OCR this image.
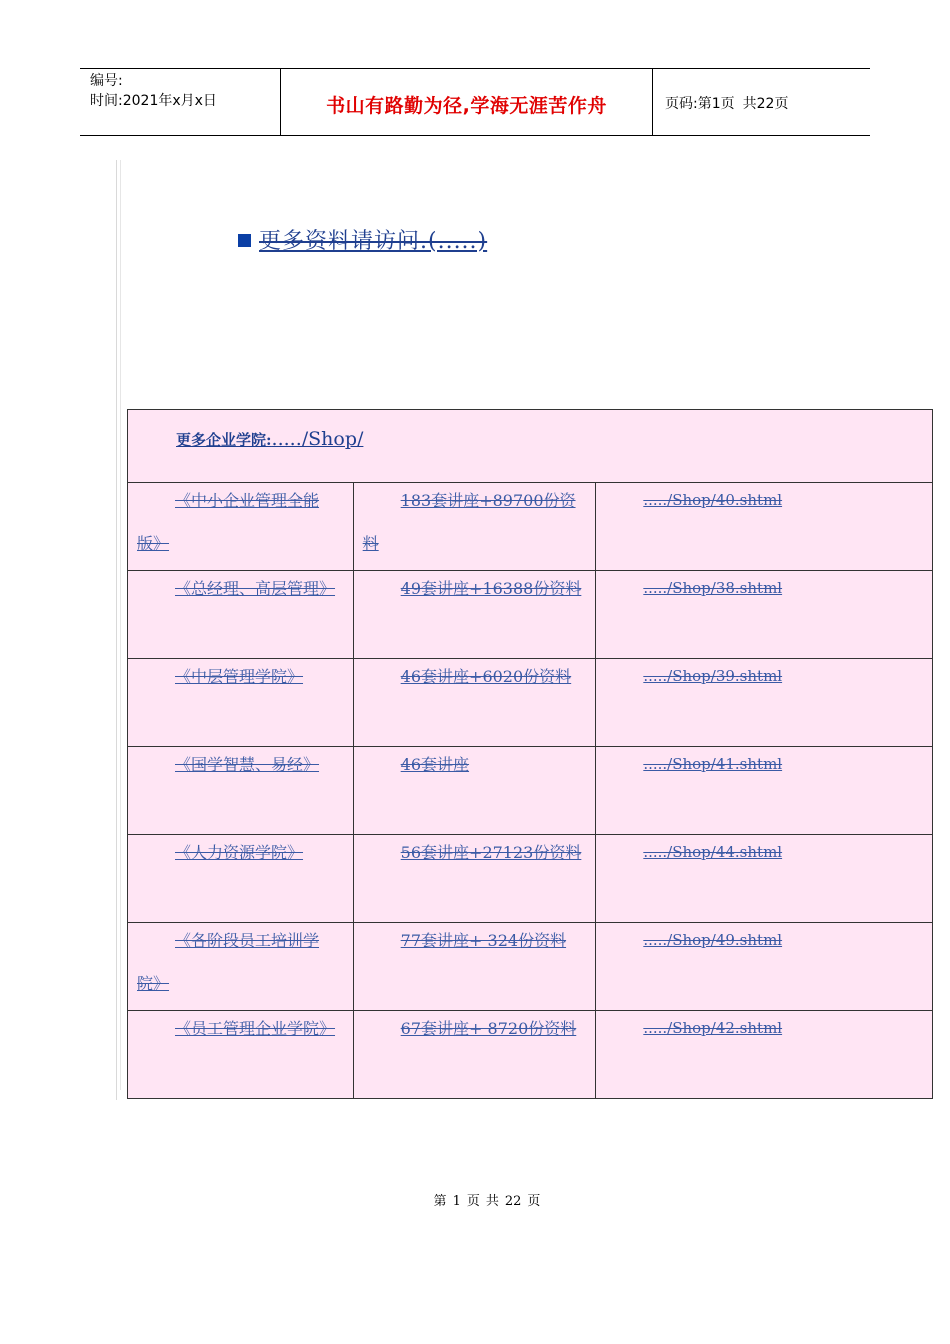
编号:
时间:2021年x月x日	书山有路勤为径,学海无涯苦作舟	页码:第1页 共22页
更多资料请访问.(.....)
更多企业学院:...../Shop/		

《中小企业管理全能版》	183套讲座+89700份资料	...../Shop/40.shtml

《总经理、高层管理》	49套讲座+16388份资料	...../Shop/38.shtml

《中层管理学院》	46套讲座+6020份资料	...../Shop/39.shtml

《国学智慧、易经》	46套讲座	...../Shop/41.shtml

《人力资源学院》	56套讲座+27123份资料	...../Shop/44.shtml

《各阶段员工培训学院》	77套讲座+ 324份资料	...../Shop/49.shtml

《员工管理企业学院》	67套讲座+ 8720份资料	...../Shop/42.shtml
第 1 页 共 22 页
